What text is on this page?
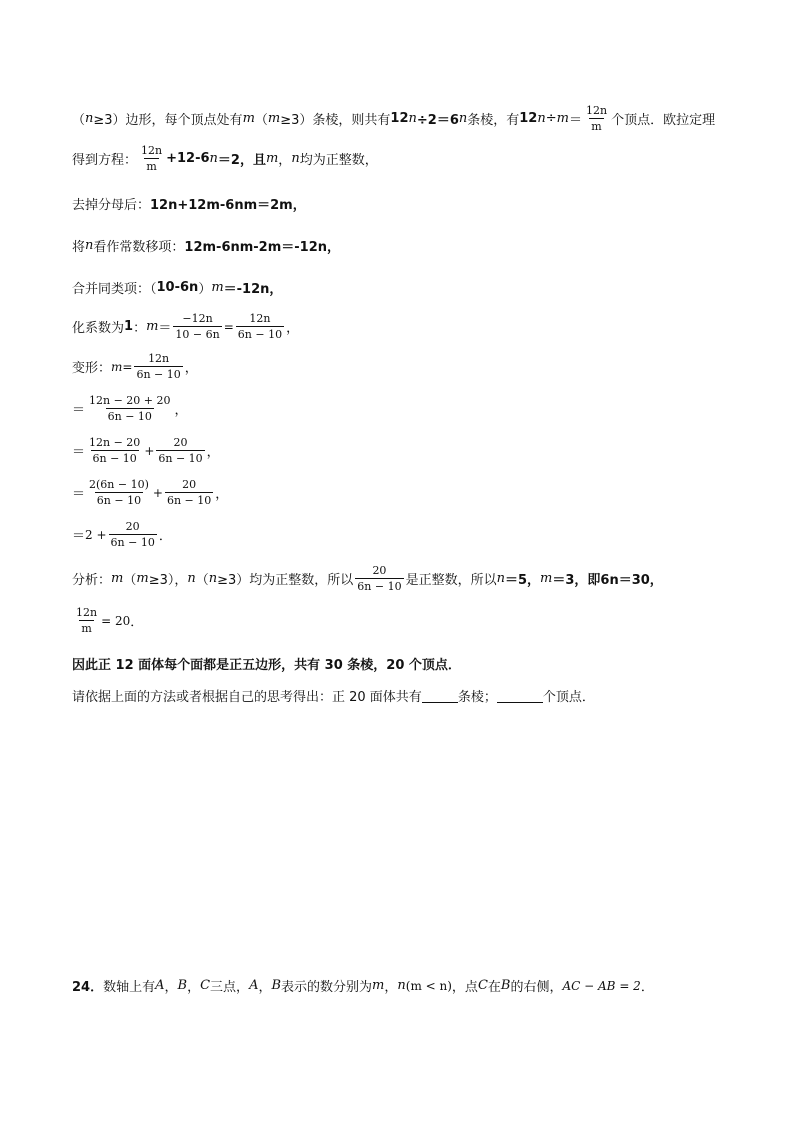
（ n ≥3）边形，每个顶点处有 m （ m ≥3）条棱，则共有 12 n ÷2＝6 n 条棱，有 12 $n \div m = \frac{12n}{m}$ 个顶点．欧拉定理
得到方程： $\frac{12n}{m} +12-6$ n ＝2，且 m ， n 均为正整数，
去掉分母后： 12n+12m-6nm＝2m，
将 n 看作常数移项： 12m-6nm-2m＝-12n，
合并同类项：（ 10-6n ） m ＝-12n，
化系数为 1 ： $m = \frac{-12n}{10 - 6n} = \frac{12n}{6n - 10}$ ，
变形： $m = \frac{12n}{6n - 10}$ ，
＝ $\frac{12n - 20 + 20}{6n - 10}$ ，
＝ $\frac{12n - 20}{6n - 10} + \frac{20}{6n - 10}$ ，
＝ $\frac{2(6n - 10)}{6n - 10} + \frac{20}{6n - 10}$ ，
＝ $2 + \frac{20}{6n - 10}$ ．
分析： m （ m ≥3）， n （ n ≥3）均为正整数，所以 $\frac{20}{6n - 10}$ 是正整数，所以 n ＝5， m ＝3，即 6n＝30，
$\frac{12n}{m} = 20$ ．
因此正 12 面体每个面都是正五边形，共有 30 条棱，20 个顶点．
请依据上面的方法或者根据自己的思考得出：正 20 面体共有	条棱；	个顶点．
24． 数轴上有 A ， B ， C 三点， A ， B 表示的数分别为 m ， n (m < n) ，点 C 在 B 的右侧， AC − AB = 2 ．
